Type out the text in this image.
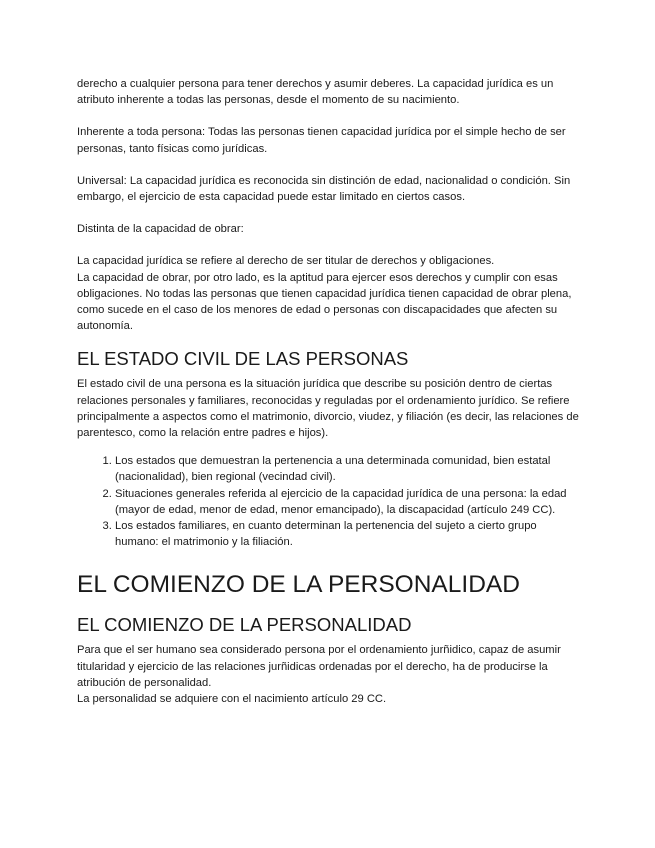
derecho a cualquier persona para tener derechos y asumir deberes. La capacidad jurídica es un atributo inherente a todas las personas, desde el momento de su nacimiento.

Inherente a toda persona: Todas las personas tienen capacidad jurídica por el simple hecho de ser personas, tanto físicas como jurídicas.

Universal: La capacidad jurídica es reconocida sin distinción de edad, nacionalidad o condición. Sin embargo, el ejercicio de esta capacidad puede estar limitado en ciertos casos.

Distinta de la capacidad de obrar:

La capacidad jurídica se refiere al derecho de ser titular de derechos y obligaciones.

La capacidad de obrar, por otro lado, es la aptitud para ejercer esos derechos y cumplir con esas obligaciones. No todas las personas que tienen capacidad jurídica tienen capacidad de obrar plena, como sucede en el caso de los menores de edad o personas con discapacidades que afecten su autonomía.

EL ESTADO CIVIL DE LAS PERSONAS

El estado civil de una persona es la situación jurídica que describe su posición dentro de ciertas relaciones personales y familiares, reconocidas y reguladas por el ordenamiento jurídico. Se refiere principalmente a aspectos como el matrimonio, divorcio, viudez, y filiación (es decir, las relaciones de parentesco, como la relación entre padres e hijos).

1. Los estados que demuestran la pertenencia a una determinada comunidad, bien estatal (nacionalidad), bien regional (vecindad civil).
2. Situaciones generales referida al ejercicio de la capacidad jurídica de una persona: la edad (mayor de edad, menor de edad, menor emancipado), la discapacidad (artículo 249 CC).
3. Los estados familiares, en cuanto determinan la pertenencia del sujeto a cierto grupo humano: el matrimonio y la filiación.
EL COMIENZO DE LA PERSONALIDAD
EL COMIENZO DE LA PERSONALIDAD

Para que el ser humano sea considerado persona por el ordenamiento jurñidico, capaz de asumir titularidad y ejercicio de las relaciones jurñidicas ordenadas por el derecho, ha de producirse la atribución de personalidad.

La personalidad se adquiere con el nacimiento artículo 29 CC.
